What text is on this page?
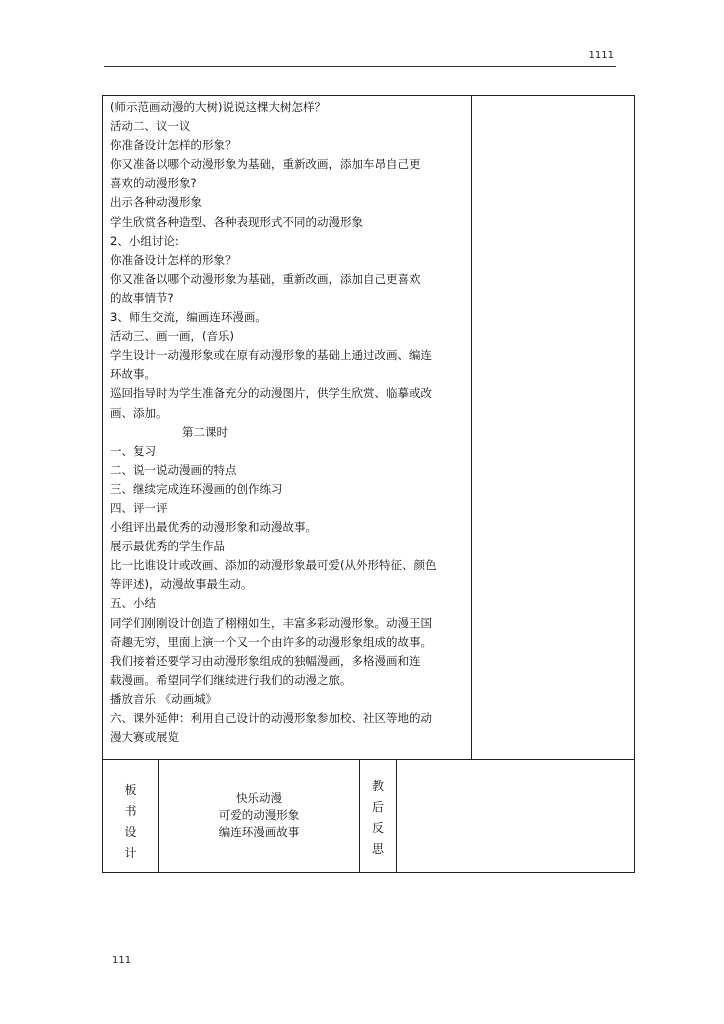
1111

(师示范画动漫的大树)说说这棵大树怎样？

活动二、议一议

你准备设计怎样的形象？

你又准备以哪个动漫形象为基础，重新改画，添加车昂自己更

喜欢的动漫形象?

出示各种动漫形象

学生欣赏各种造型、各种表现形式不同的动漫形象

2、小组讨论:

你准备设计怎样的形象？

你又准备以哪个动漫形象为基础，重新改画，添加自己更喜欢

的故事情节?

3、师生交流，编画连环漫画。

活动三、画一画，(音乐)

学生设计一动漫形象或在原有动漫形象的基础上通过改画、编连

环故事。

巡回指导时为学生准备充分的动漫图片，供学生欣赏、临摹或改

画、添加。

第二课时

一、复习

二、说一说动漫画的特点

三、继续完成连环漫画的创作练习

四、评一评

小组评出最优秀的动漫形象和动漫故事。

展示最优秀的学生作品

比一比谁设计或改画、添加的动漫形象最可爱(从外形特征、颜色

等评述)，动漫故事最生动。

五、小结

同学们刚刚设计创造了栩栩如生，丰富多彩动漫形象。动漫王国

奇趣无穷，里面上演一个又一个由许多的动漫形象组成的故事。

我们接着还要学习由动漫形象组成的独幅漫画，多格漫画和连

载漫画。希望同学们继续进行我们的动漫之旅。

播放音乐 《动画城》

六、课外延伸：利用自己设计的动漫形象参加校、社区等地的动

漫大赛或展览

板
书
设
计
快乐动漫
可爱的动漫形象
编连环漫画故事
教
后
反
思
111
